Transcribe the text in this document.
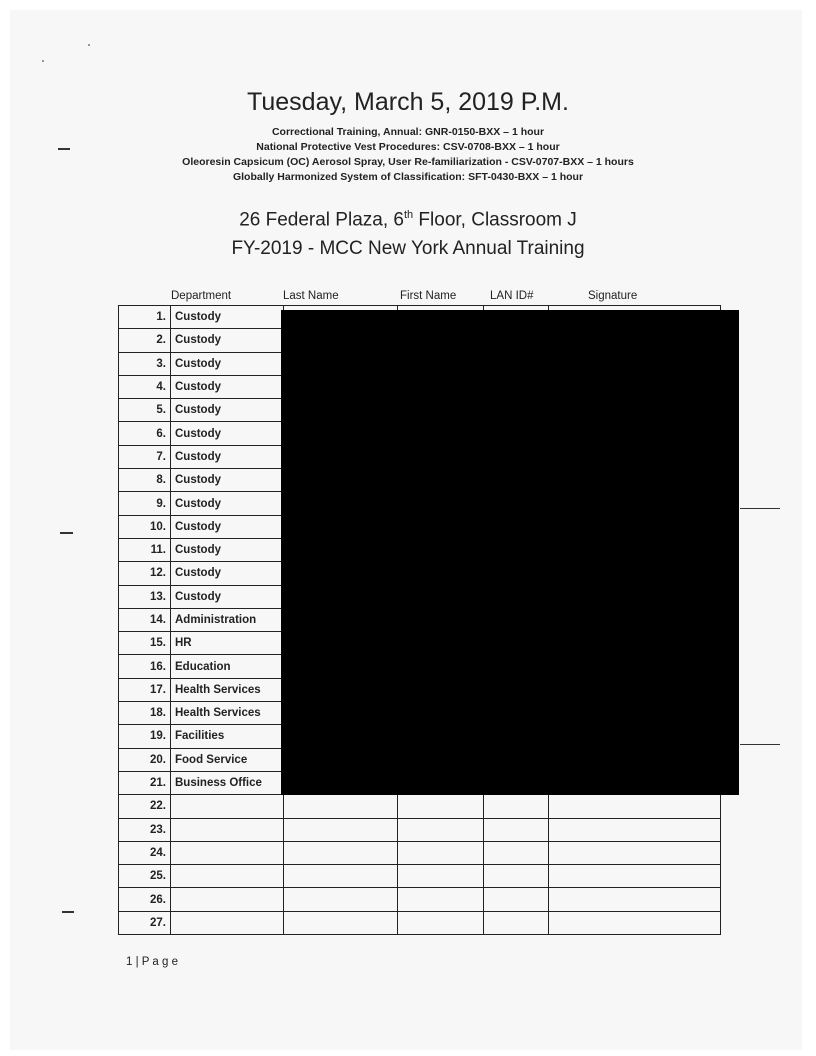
Tuesday, March 5, 2019 P.M.
Correctional Training, Annual: GNR-0150-BXX – 1 hour
National Protective Vest Procedures: CSV-0708-BXX – 1 hour
Oleoresin Capsicum (OC) Aerosol Spray, User Re-familiarization - CSV-0707-BXX – 1 hours
Globally Harmonized System of Classification: SFT-0430-BXX – 1 hour
26 Federal Plaza, 6th Floor, Classroom J
FY-2019 - MCC New York Annual Training
Department	Last Name	First Name	LAN ID#	Signature
1.	Custody				
2.	Custody				
3.	Custody				
4.	Custody				
5.	Custody				
6.	Custody				
7.	Custody				
8.	Custody				
9.	Custody				
10.	Custody				
11.	Custody				
12.	Custody				
13.	Custody				
14.	Administration				
15.	HR				
16.	Education				
17.	Health Services				
18.	Health Services				
19.	Facilities				
20.	Food Service				
21.	Business Office				
22.					
23.					
24.					
25.					
26.					
27.					
1 | P a g e
